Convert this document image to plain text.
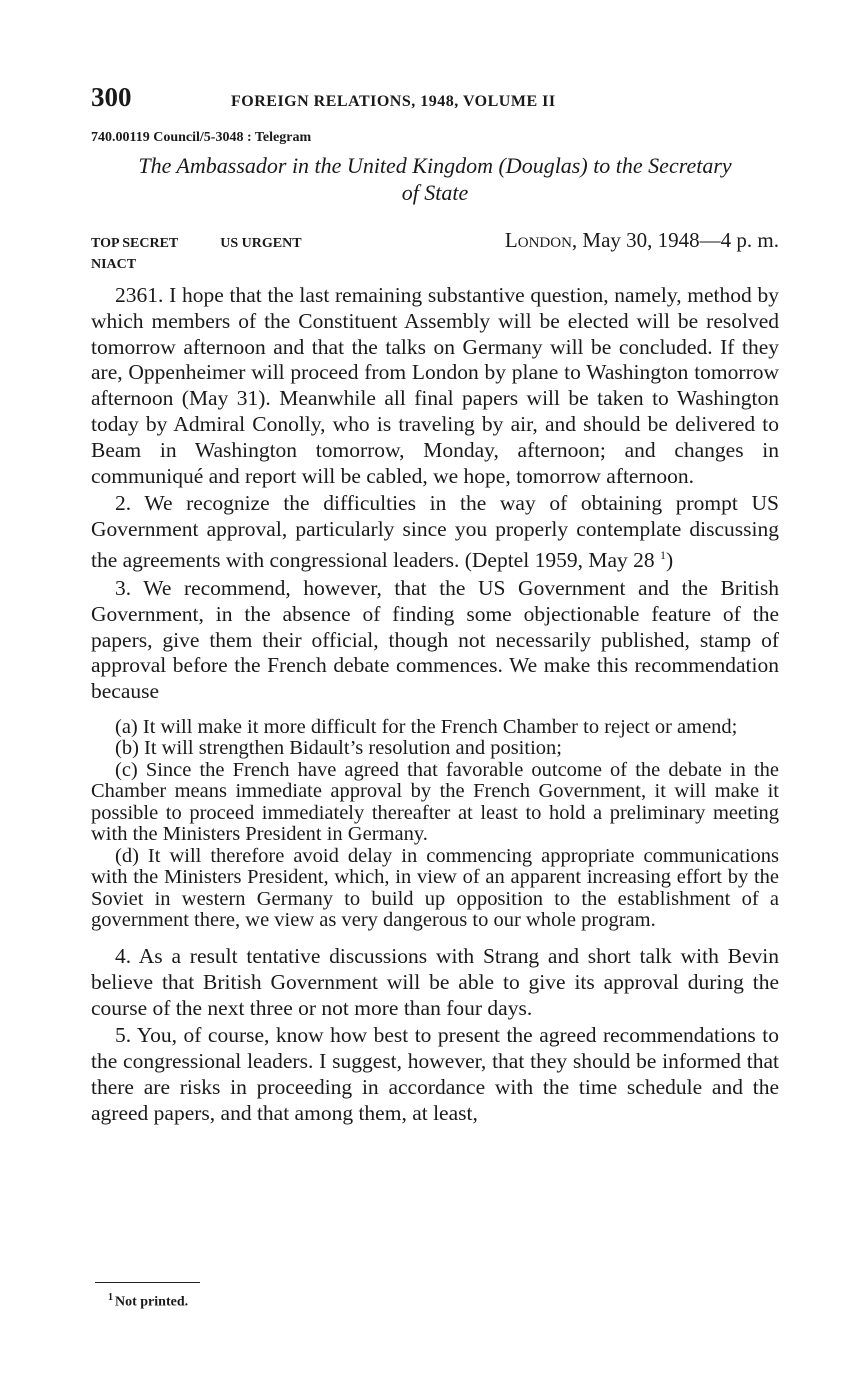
300	FOREIGN RELATIONS, 1948, VOLUME II
740.00119 Council/5-3048 : Telegram
The Ambassador in the United Kingdom (Douglas) to the Secretary
of State
TOP SECRET	US URGENT	London, May 30, 1948—4 p. m.
NIACT

2361. I hope that the last remaining substantive question, namely, method by which members of the Constituent Assembly will be elected will be resolved tomorrow afternoon and that the talks on Germany will be concluded. If they are, Oppenheimer will proceed from London by plane to Washington tomorrow afternoon (May 31). Meanwhile all final papers will be taken to Washington today by Admiral Conolly, who is traveling by air, and should be delivered to Beam in Washington tomorrow, Monday, afternoon; and changes in communiqué and report will be cabled, we hope, tomorrow afternoon.

2. We recognize the difficulties in the way of obtaining prompt US Government approval, particularly since you properly contemplate discussing the agreements with congressional leaders. (Deptel 1959, May 28 $^1$)

3. We recommend, however, that the US Government and the British Government, in the absence of finding some objectionable feature of the papers, give them their official, though not necessarily published, stamp of approval before the French debate commences. We make this recommendation because

(a) It will make it more difficult for the French Chamber to reject or amend;

(b) It will strengthen Bidault’s resolution and position;

(c) Since the French have agreed that favorable outcome of the debate in the Chamber means immediate approval by the French Government, it will make it possible to proceed immediately thereafter at least to hold a preliminary meeting with the Ministers President in Germany.

(d) It will therefore avoid delay in commencing appropriate communications with the Ministers President, which, in view of an apparent increasing effort by the Soviet in western Germany to build up opposition to the establishment of a government there, we view as very dangerous to our whole program.

4. As a result tentative discussions with Strang and short talk with Bevin believe that British Government will be able to give its approval during the course of the next three or not more than four days.

5. You, of course, know how best to present the agreed recommendations to the congressional leaders. I suggest, however, that they should be informed that there are risks in proceeding in accordance with the time schedule and the agreed papers, and that among them, at least,

$^1$ Not printed.
